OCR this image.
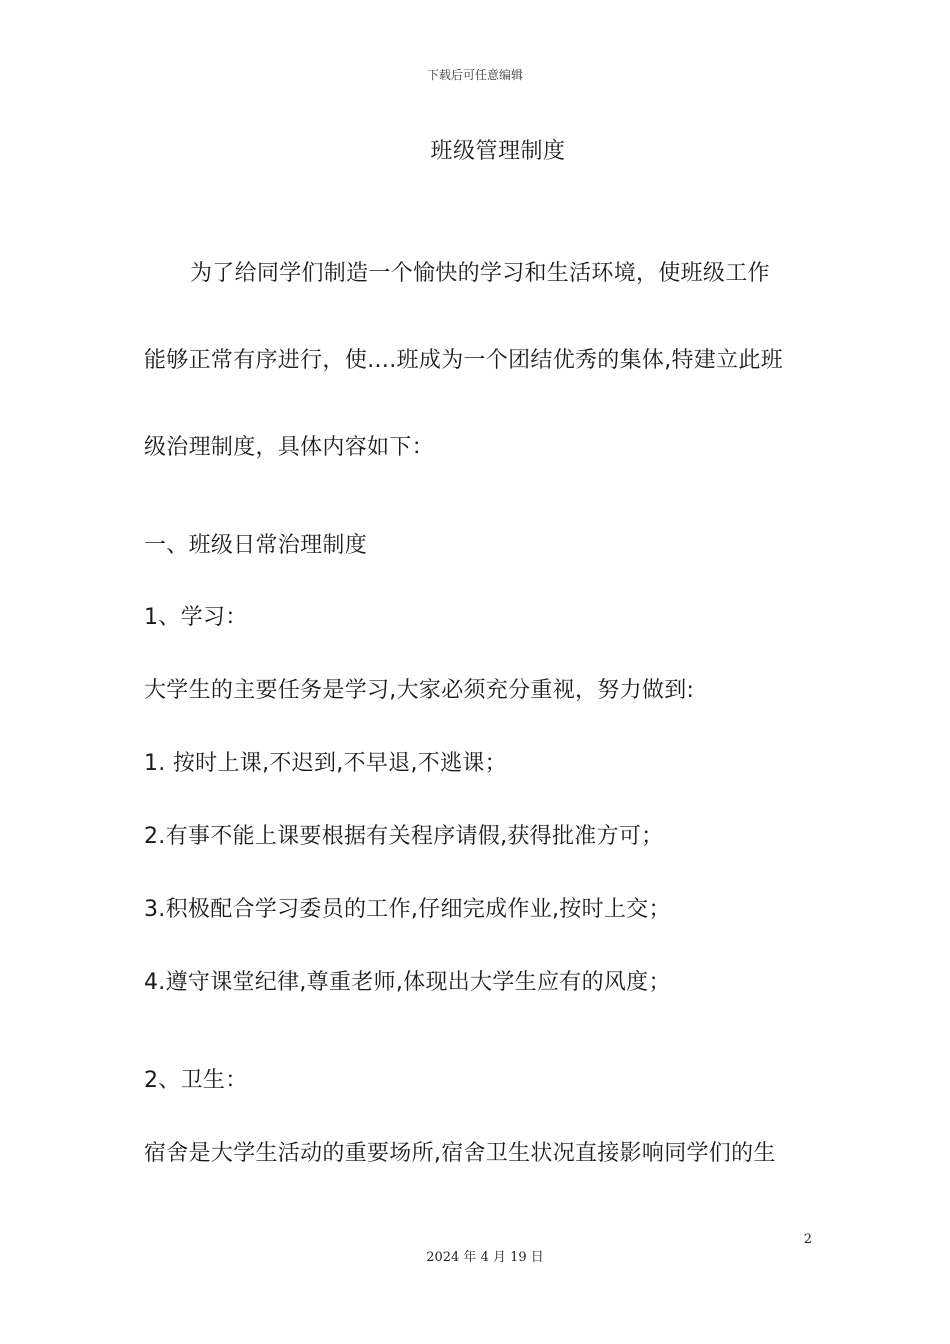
下载后可任意编辑
班级管理制度
为了给同学们制造一个愉快的学习和生活环境，使班级工作
能够正常有序进行，使….班成为一个团结优秀的集体,特建立此班
级治理制度，具体内容如下：
一、班级日常治理制度
1、学习：
大学生的主要任务是学习,大家必须充分重视，努力做到:
1. 按时上课,不迟到,不早退,不逃课；
2.有事不能上课要根据有关程序请假,获得批准方可；
3.积极配合学习委员的工作,仔细完成作业,按时上交；
4.遵守课堂纪律,尊重老师,体现出大学生应有的风度；
2、卫生：
宿舍是大学生活动的重要场所,宿舍卫生状况直接影响同学们的生
2
2024 年 4 月 19 日
